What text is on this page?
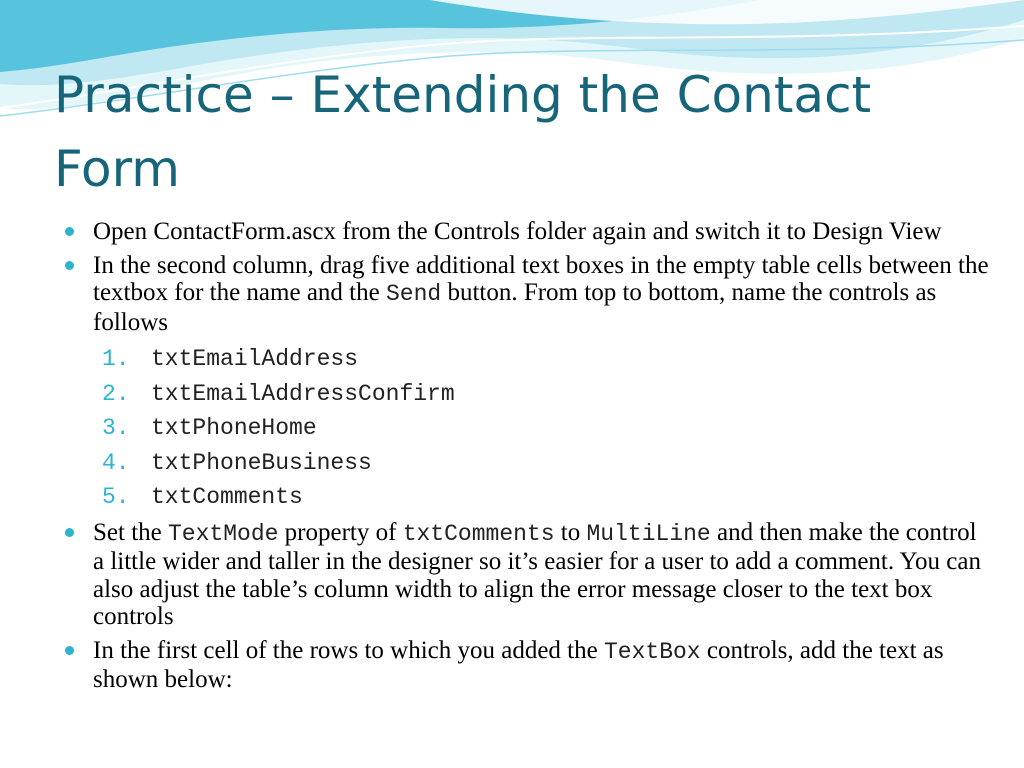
Practice – Extending the Contact Form
Open ContactForm.ascx from the Controls folder again and switch it to Design View
In the second column, drag five additional text boxes in the empty table cells between the textbox for the name and the Send button. From top to bottom, name the controls as follows
1. txtEmailAddress
2. txtEmailAddressConfirm
3. txtPhoneHome
4. txtPhoneBusiness
5. txtComments
Set the TextMode property of txtComments to MultiLine and then make the control a little wider and taller in the designer so it’s easier for a user to add a comment. You can also adjust the table’s column width to align the error message closer to the text box controls
In the first cell of the rows to which you added the TextBox controls, add the text as shown below:
